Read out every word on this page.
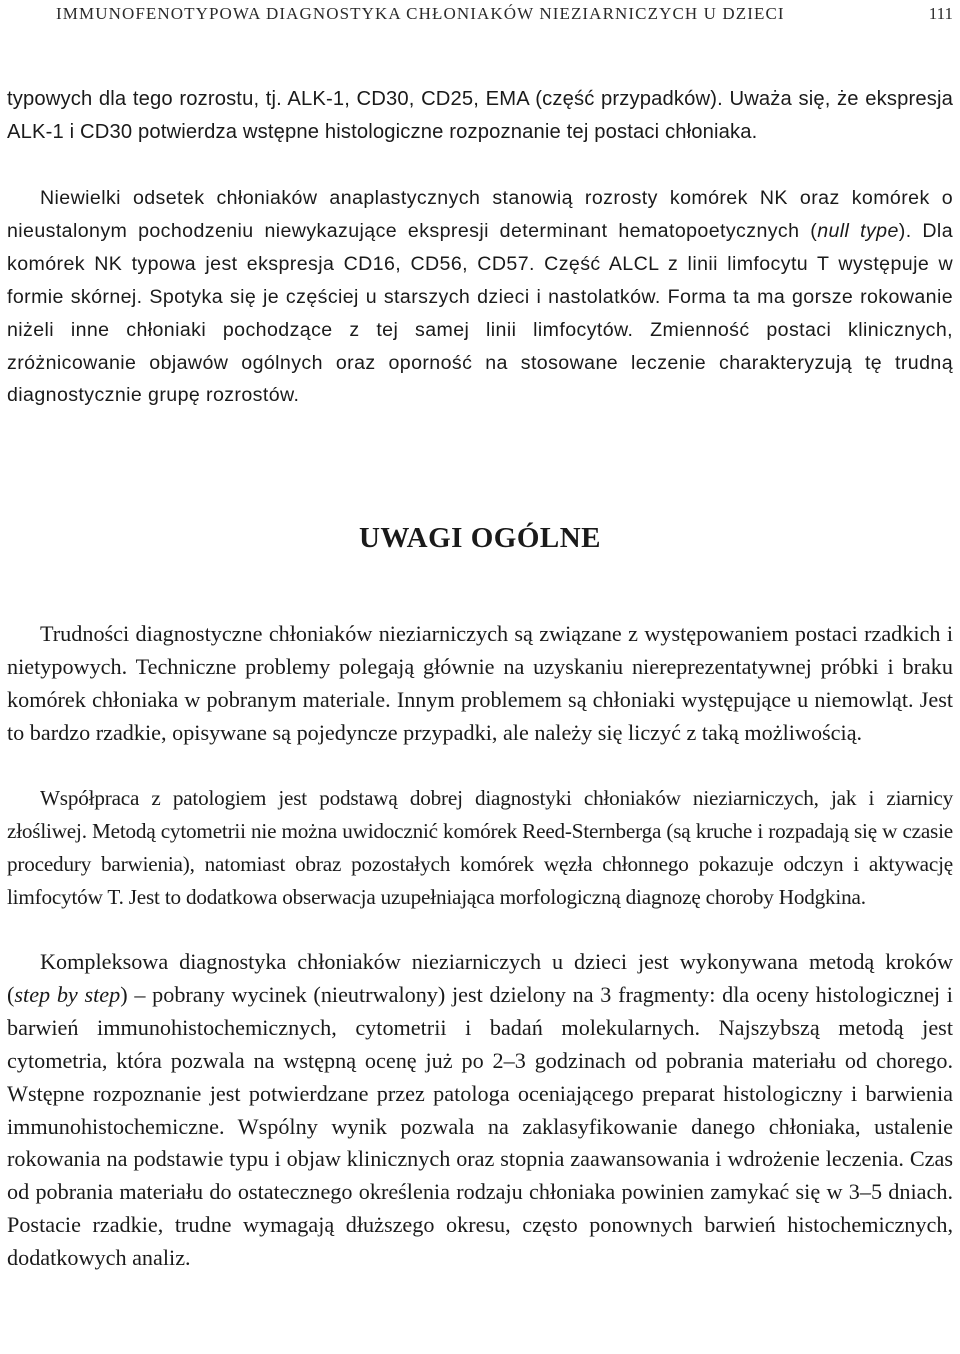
IMMUNOFENOTYPOWA DIAGNOSTYKA CHŁONIAKÓW NIEZIARNICZYCH U DZIECI	111

typowych dla tego rozrostu, tj. ALK-1, CD30, CD25, EMA (część przypadków). Uważa się, że ekspresja ALK-1 i CD30 potwierdza wstępne histologiczne rozpoznanie tej postaci chłoniaka.

Niewielki odsetek chłoniaków anaplastycznych stanowią rozrosty komórek NK oraz komórek o nieustalonym pochodzeniu niewykazujące ekspresji determinant hematopoetycznych (null type). Dla komórek NK typowa jest ekspresja CD16, CD56, CD57. Część ALCL z linii limfocytu T występuje w formie skórnej. Spotyka się je częściej u starszych dzieci i nastolatków. Forma ta ma gorsze rokowanie niżeli inne chłoniaki pochodzące z tej samej linii limfocytów. Zmienność postaci klinicznych, zróżnicowanie objawów ogólnych oraz oporność na stosowane leczenie charakteryzują tę trudną diagnostycznie grupę rozrostów.

UWAGI OGÓLNE

Trudności diagnostyczne chłoniaków nieziarniczych są związane z występowaniem postaci rzadkich i nietypowych. Techniczne problemy polegają głównie na uzyskaniu niereprezentatywnej próbki i braku komórek chłoniaka w pobranym materiale. Innym problemem są chłoniaki występujące u niemowląt. Jest to bardzo rzadkie, opisywane są pojedyncze przypadki, ale należy się liczyć z taką możliwością.

Współpraca z patologiem jest podstawą dobrej diagnostyki chłoniaków nieziarniczych, jak i ziarnicy złośliwej. Metodą cytometrii nie można uwidocznić komórek Reed-Sternberga (są kruche i rozpadają się w czasie procedury barwienia), natomiast obraz pozostałych komórek węzła chłonnego pokazuje odczyn i aktywację limfocytów T. Jest to dodatkowa obserwacja uzupełniająca morfologiczną diagnozę choroby Hodgkina.

Kompleksowa diagnostyka chłoniaków nieziarniczych u dzieci jest wykonywana metodą kroków (step by step) – pobrany wycinek (nieutrwalony) jest dzielony na 3 fragmenty: dla oceny histologicznej i barwień immunohistochemicznych, cytometrii i badań molekularnych. Najszybszą metodą jest cytometria, która pozwala na wstępną ocenę już po 2–3 godzinach od pobrania materiału od chorego. Wstępne rozpoznanie jest potwierdzane przez patologa oceniającego preparat histologiczny i barwienia immunohistochemiczne. Wspólny wynik pozwala na zaklasyfikowanie danego chłoniaka, ustalenie rokowania na podstawie typu i objaw klinicznych oraz stopnia zaawansowania i wdrożenie leczenia. Czas od pobrania materiału do ostatecznego określenia rodzaju chłoniaka powinien zamykać się w 3–5 dniach. Postacie rzadkie, trudne wymagają dłuższego okresu, często ponownych barwień histochemicznych, dodatkowych analiz.
